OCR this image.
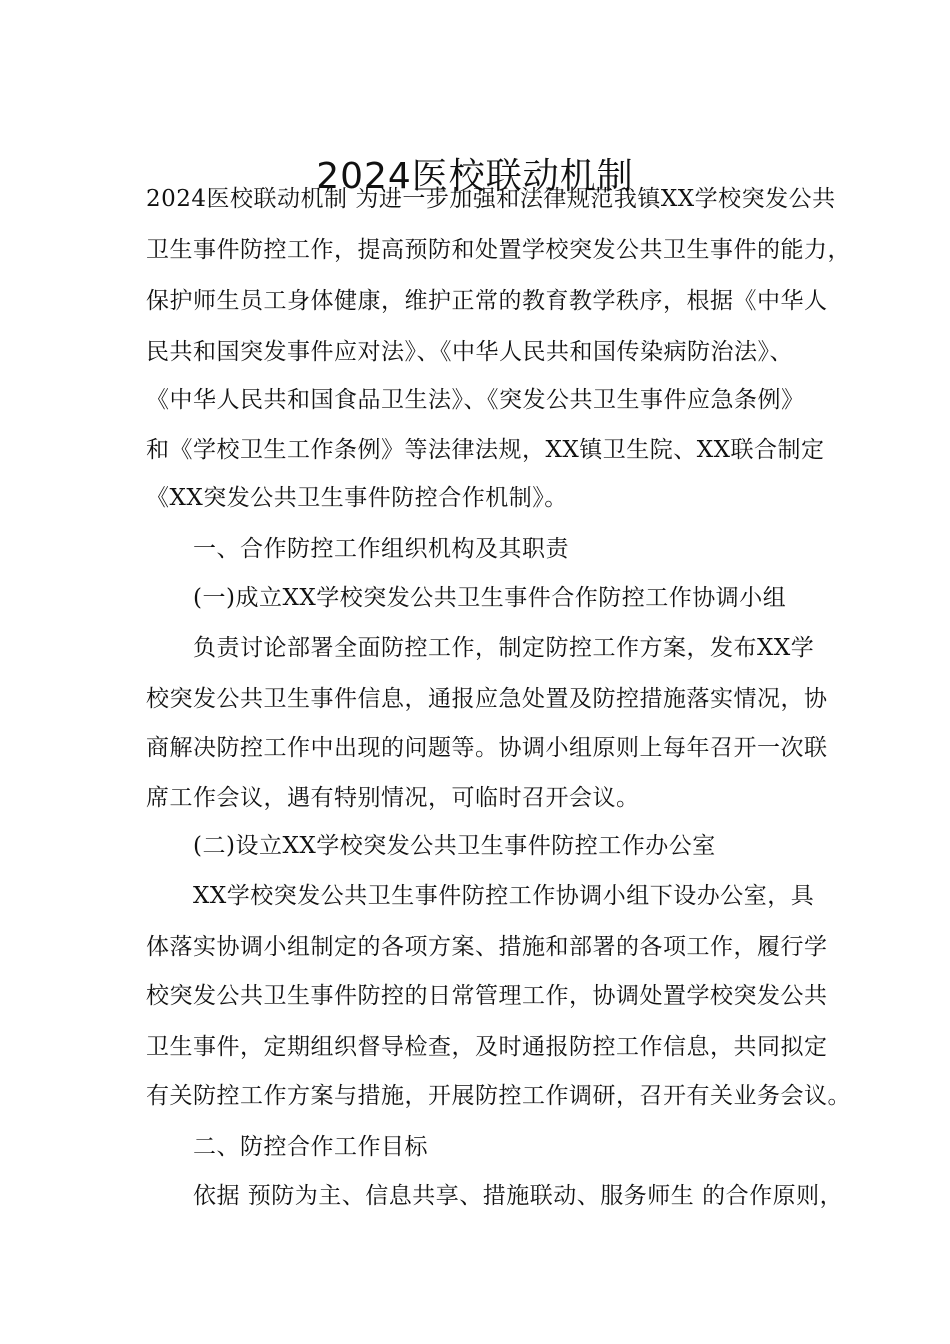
2024医校联动机制
2024医校联动机制 为进一步加强和法律规范我镇XX学校突发公共
卫生事件防控工作，提高预防和处置学校突发公共卫生事件的能力，
保护师生员工身体健康，维护正常的教育教学秩序，根据《中华人
民共和国突发事件应对法》、《中华人民共和国传染病防治法》、
《中华人民共和国食品卫生法》、《突发公共卫生事件应急条例》
和《学校卫生工作条例》等法律法规，XX镇卫生院、XX联合制定
《XX突发公共卫生事件防控合作机制》。
　　一、合作防控工作组织机构及其职责
　　(一)成立XX学校突发公共卫生事件合作防控工作协调小组
　　负责讨论部署全面防控工作，制定防控工作方案，发布XX学
校突发公共卫生事件信息，通报应急处置及防控措施落实情况，协
商解决防控工作中出现的问题等。协调小组原则上每年召开一次联
席工作会议，遇有特别情况，可临时召开会议。
　　(二)设立XX学校突发公共卫生事件防控工作办公室
　　XX学校突发公共卫生事件防控工作协调小组下设办公室，具
体落实协调小组制定的各项方案、措施和部署的各项工作，履行学
校突发公共卫生事件防控的日常管理工作，协调处置学校突发公共
卫生事件，定期组织督导检查，及时通报防控工作信息，共同拟定
有关防控工作方案与措施，开展防控工作调研，召开有关业务会议。
　　二、防控合作工作目标
　　依据 预防为主、信息共享、措施联动、服务师生 的合作原则，
